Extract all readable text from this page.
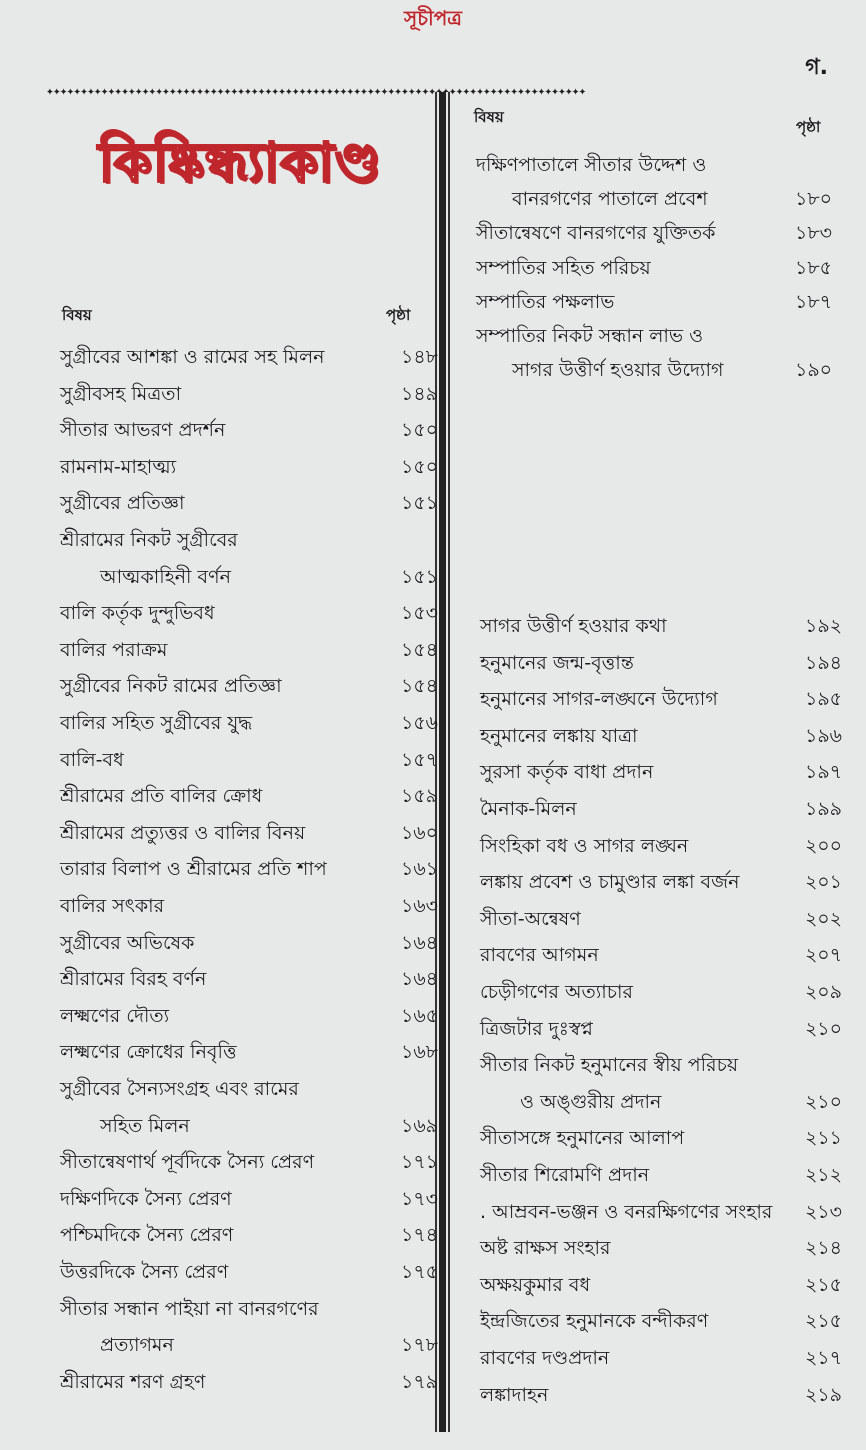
সূচীপত্র
গ.
✦✦✦✦✦✦✦✦✦✦✦✦✦✦✦✦✦✦✦✦✦✦✦✦✦✦✦✦✦✦✦✦✦✦✦✦✦✦✦✦✦✦✦✦✦✦✦✦✦✦✦✦✦✦✦✦✦✦✦✦✦✦✦✦✦✦✦✦✦✦✦✦✦✦✦✦✦✦✦
কিষ্কিন্ধ্যাকাণ্ড
বিষয়	পৃষ্ঠা
বিষয়
পৃষ্ঠা
সুগ্রীবের আশঙ্কা ও রামের সহ মিলন	১৪৮
সুগ্রীবসহ মিত্রতা	১৪৯
সীতার আভরণ প্রদর্শন	১৫০
রামনাম-মাহাত্ম্য	১৫০
সুগ্রীবের প্রতিজ্ঞা	১৫১
শ্রীরামের নিকট সুগ্রীবের
আত্মকাহিনী বর্ণন	১৫১
বালি কর্তৃক দুন্দুভিবধ	১৫৩
বালির পরাক্রম	১৫৪
সুগ্রীবের নিকট রামের প্রতিজ্ঞা	১৫৪
বালির সহিত সুগ্রীবের যুদ্ধ	১৫৬
বালি-বধ	১৫৭
শ্রীরামের প্রতি বালির ক্রোধ	১৫৯
শ্রীরামের প্রত্যুত্তর ও বালির বিনয়	১৬০
তারার বিলাপ ও শ্রীরামের প্রতি শাপ	১৬১
বালির সৎকার	১৬৩
সুগ্রীবের অভিষেক	১৬৪
শ্রীরামের বিরহ বর্ণন	১৬৪
লক্ষ্মণের দৌত্য	১৬৫
লক্ষ্মণের ক্রোধের নিবৃত্তি	১৬৮
সুগ্রীবের সৈন্যসংগ্রহ এবং রামের
সহিত মিলন	১৬৯
সীতান্বেষণার্থ পূর্বদিকে সৈন্য প্রেরণ	১৭১
দক্ষিণদিকে সৈন্য প্রেরণ	১৭৩
পশ্চিমদিকে সৈন্য প্রেরণ	১৭৪
উত্তরদিকে সৈন্য প্রেরণ	১৭৫
সীতার সন্ধান পাইয়া না বানরগণের
প্রত্যাগমন	১৭৮
শ্রীরামের শরণ গ্রহণ	১৭৯
দক্ষিণপাতালে সীতার উদ্দেশ ও
বানরগণের পাতালে প্রবেশ	১৮০
সীতান্বেষণে বানরগণের যুক্তিতর্ক	১৮৩
সম্পাতির সহিত পরিচয়	১৮৫
সম্পাতির পক্ষলাভ	১৮৭
সম্পাতির নিকট সন্ধান লাভ ও
সাগর উত্তীর্ণ হওয়ার উদ্যোগ	১৯০
সাগর উত্তীর্ণ হওয়ার কথা	১৯২
হনুমানের জন্ম-বৃত্তান্ত	১৯৪
হনুমানের সাগর-লঙ্ঘনে উদ্যোগ	১৯৫
হনুমানের লঙ্কায় যাত্রা	১৯৬
সুরসা কর্তৃক বাধা প্রদান	১৯৭
মৈনাক-মিলন	১৯৯
সিংহিকা বধ ও সাগর লঙ্ঘন	২০০
লঙ্কায় প্রবেশ ও চামুণ্ডার লঙ্কা বর্জন	২০১
সীতা-অন্বেষণ	২০২
রাবণের আগমন	২০৭
চেড়ীগণের অত্যাচার	২০৯
ত্রিজটার দুঃস্বপ্ন	২১০
সীতার নিকট হনুমানের স্বীয় পরিচয়
ও অঙ্গুরীয় প্রদান	২১০
সীতাসঙ্গে হনুমানের আলাপ	২১১
সীতার শিরোমণি প্রদান	২১২
. আম্রবন-ভঞ্জন ও বনরক্ষিগণের সংহার ২১৩
অষ্ট রাক্ষস সংহার	২১৪
অক্ষয়কুমার বধ	২১৫
ইন্দ্রজিতের হনুমানকে বন্দীকরণ	২১৫
রাবণের দণ্ডপ্রদান	২১৭
লঙ্কাদাহন	২১৯
